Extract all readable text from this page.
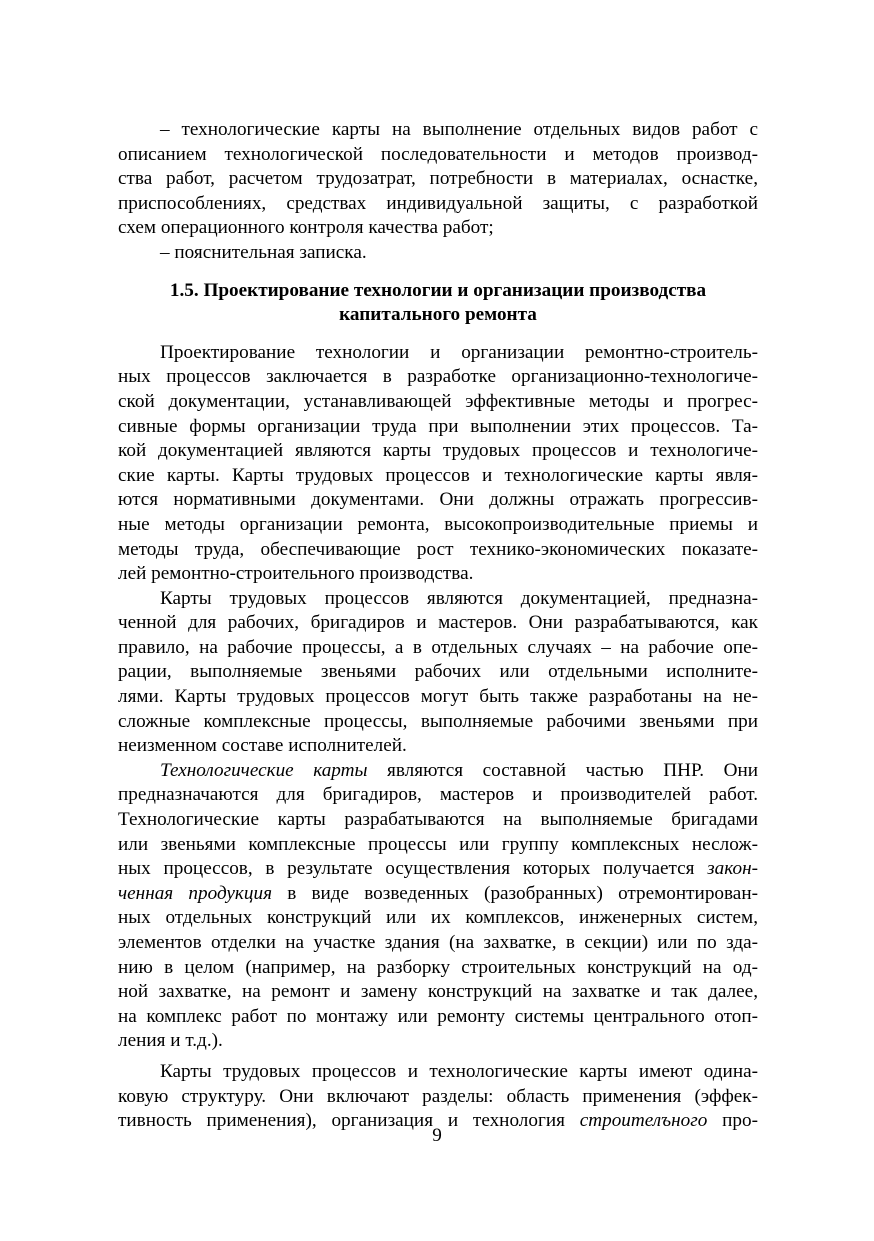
– технологические карты на выполнение отдельных видов работ с
описанием технологической последовательности и методов производ-
ства работ, расчетом трудозатрат, потребности в материалах, оснастке,
приспособлениях, средствах индивидуальной защиты, с разработкой
схем операционного контроля качества работ;
– пояснительная записка.
1.5. Проектирование технологии и организации производства
капитального ремонта
Проектирование технологии и организации ремонтно-строитель-
ных процессов заключается в разработке организационно-технологиче-
ской документации, устанавливающей эффективные методы и прогрес-
сивные формы организации труда при выполнении этих процессов. Та-
кой документацией являются карты трудовых процессов и технологиче-
ские карты. Карты трудовых процессов и технологические карты явля-
ются нормативными документами. Они должны отражать прогрессив-
ные методы организации ремонта, высокопроизводительные приемы и
методы труда, обеспечивающие рост технико-экономических показате-
лей ремонтно-строительного производства.
Карты трудовых процессов являются документацией, предназна-
ченной для рабочих, бригадиров и мастеров. Они разрабатываются, как
правило, на рабочие процессы, а в отдельных случаях – на рабочие опе-
рации, выполняемые звеньями рабочих или отдельными исполните-
лями. Карты трудовых процессов могут быть также разработаны на не-
сложные комплексные процессы, выполняемые рабочими звеньями при
неизменном составе исполнителей.
Технологические карты являются составной частью ПНР. Они
предназначаются для бригадиров, мастеров и производителей работ.
Технологические карты разрабатываются на выполняемые бригадами
или звеньями комплексные процессы или группу комплексных неслож-
ных процессов, в результате осуществления которых получается закон-
ченная продукция в виде возведенных (разобранных) отремонтирован-
ных отдельных конструкций или их комплексов, инженерных систем,
элементов отделки на участке здания (на захватке, в секции) или по зда-
нию в целом (например, на разборку строительных конструкций на од-
ной захватке, на ремонт и замену конструкций на захватке и так далее,
на комплекс работ по монтажу или ремонту системы центрального отоп-
ления и т.д.).
Карты трудовых процессов и технологические карты имеют одина-
ковую структуру. Они включают разделы: область применения (эффек-
тивность применения), организация и технология строителъного про-
9
